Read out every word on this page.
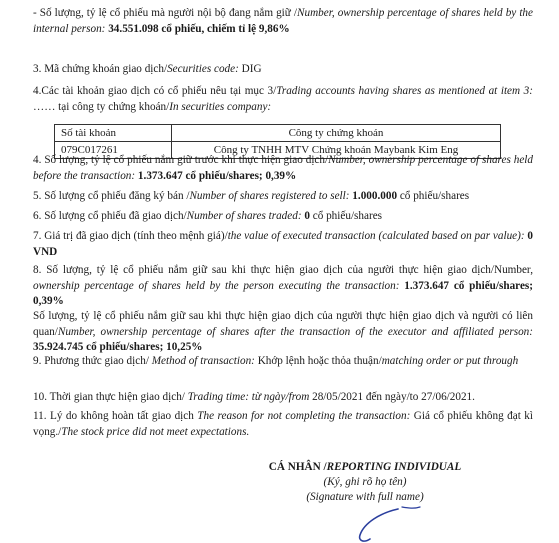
- Số lượng, tỷ lệ cổ phiếu mà người nội bộ đang nắm giữ /Number, ownership percentage of shares held by the internal person: 34.551.098 cổ phiếu, chiếm tỉ lệ 9,86%
3. Mã chứng khoán giao dịch/Securities code: DIG
4.Các tài khoản giao dịch có cổ phiếu nêu tại mục 3/Trading accounts having shares as mentioned at item 3: …… tại công ty chứng khoán/In securities company:
Số tài khoản	Công ty chứng khoán
079C017261	Công ty TNHH MTV Chứng khoán Maybank Kim Eng
4. Số lượng, tỷ lệ cổ phiếu nắm giữ trước khi thực hiện giao dịch/Number, ownership percentage of shares held before the transaction: 1.373.647 cổ phiếu/shares; 0,39%
5. Số lượng cổ phiếu đăng ký bán /Number of shares registered to sell: 1.000.000 cổ phiếu/shares
6. Số lượng cổ phiếu đã giao dịch/Number of shares traded: 0 cổ phiếu/shares
7. Giá trị đã giao dịch (tính theo mệnh giá)/the value of executed transaction (calculated based on par value): 0 VND
8. Số lượng, tỷ lệ cổ phiếu nắm giữ sau khi thực hiện giao dịch của người thực hiện giao dịch/Number, ownership percentage of shares held by the person executing the transaction: 1.373.647 cổ phiếu/shares; 0,39%
Số lượng, tỷ lệ cổ phiếu nắm giữ sau khi thực hiện giao dịch của người thực hiện giao dịch và người có liên quan/Number, ownership percentage of shares after the transaction of the executor and affiliated person: 35.924.745 cổ phiếu/shares; 10,25%
9. Phương thức giao dịch/ Method of transaction: Khớp lệnh hoặc thỏa thuận/matching order or put through
10. Thời gian thực hiện giao dịch/ Trading time: từ ngày/from 28/05/2021 đến ngày/to 27/06/2021.
11. Lý do không hoàn tất giao dịch The reason for not completing the transaction: Giá cổ phiếu không đạt kì vọng./The stock price did not meet expectations.
CÁ NHÂN /REPORTING INDIVIDUAL
(Ký, ghi rõ họ tên)
(Signature with full name)
